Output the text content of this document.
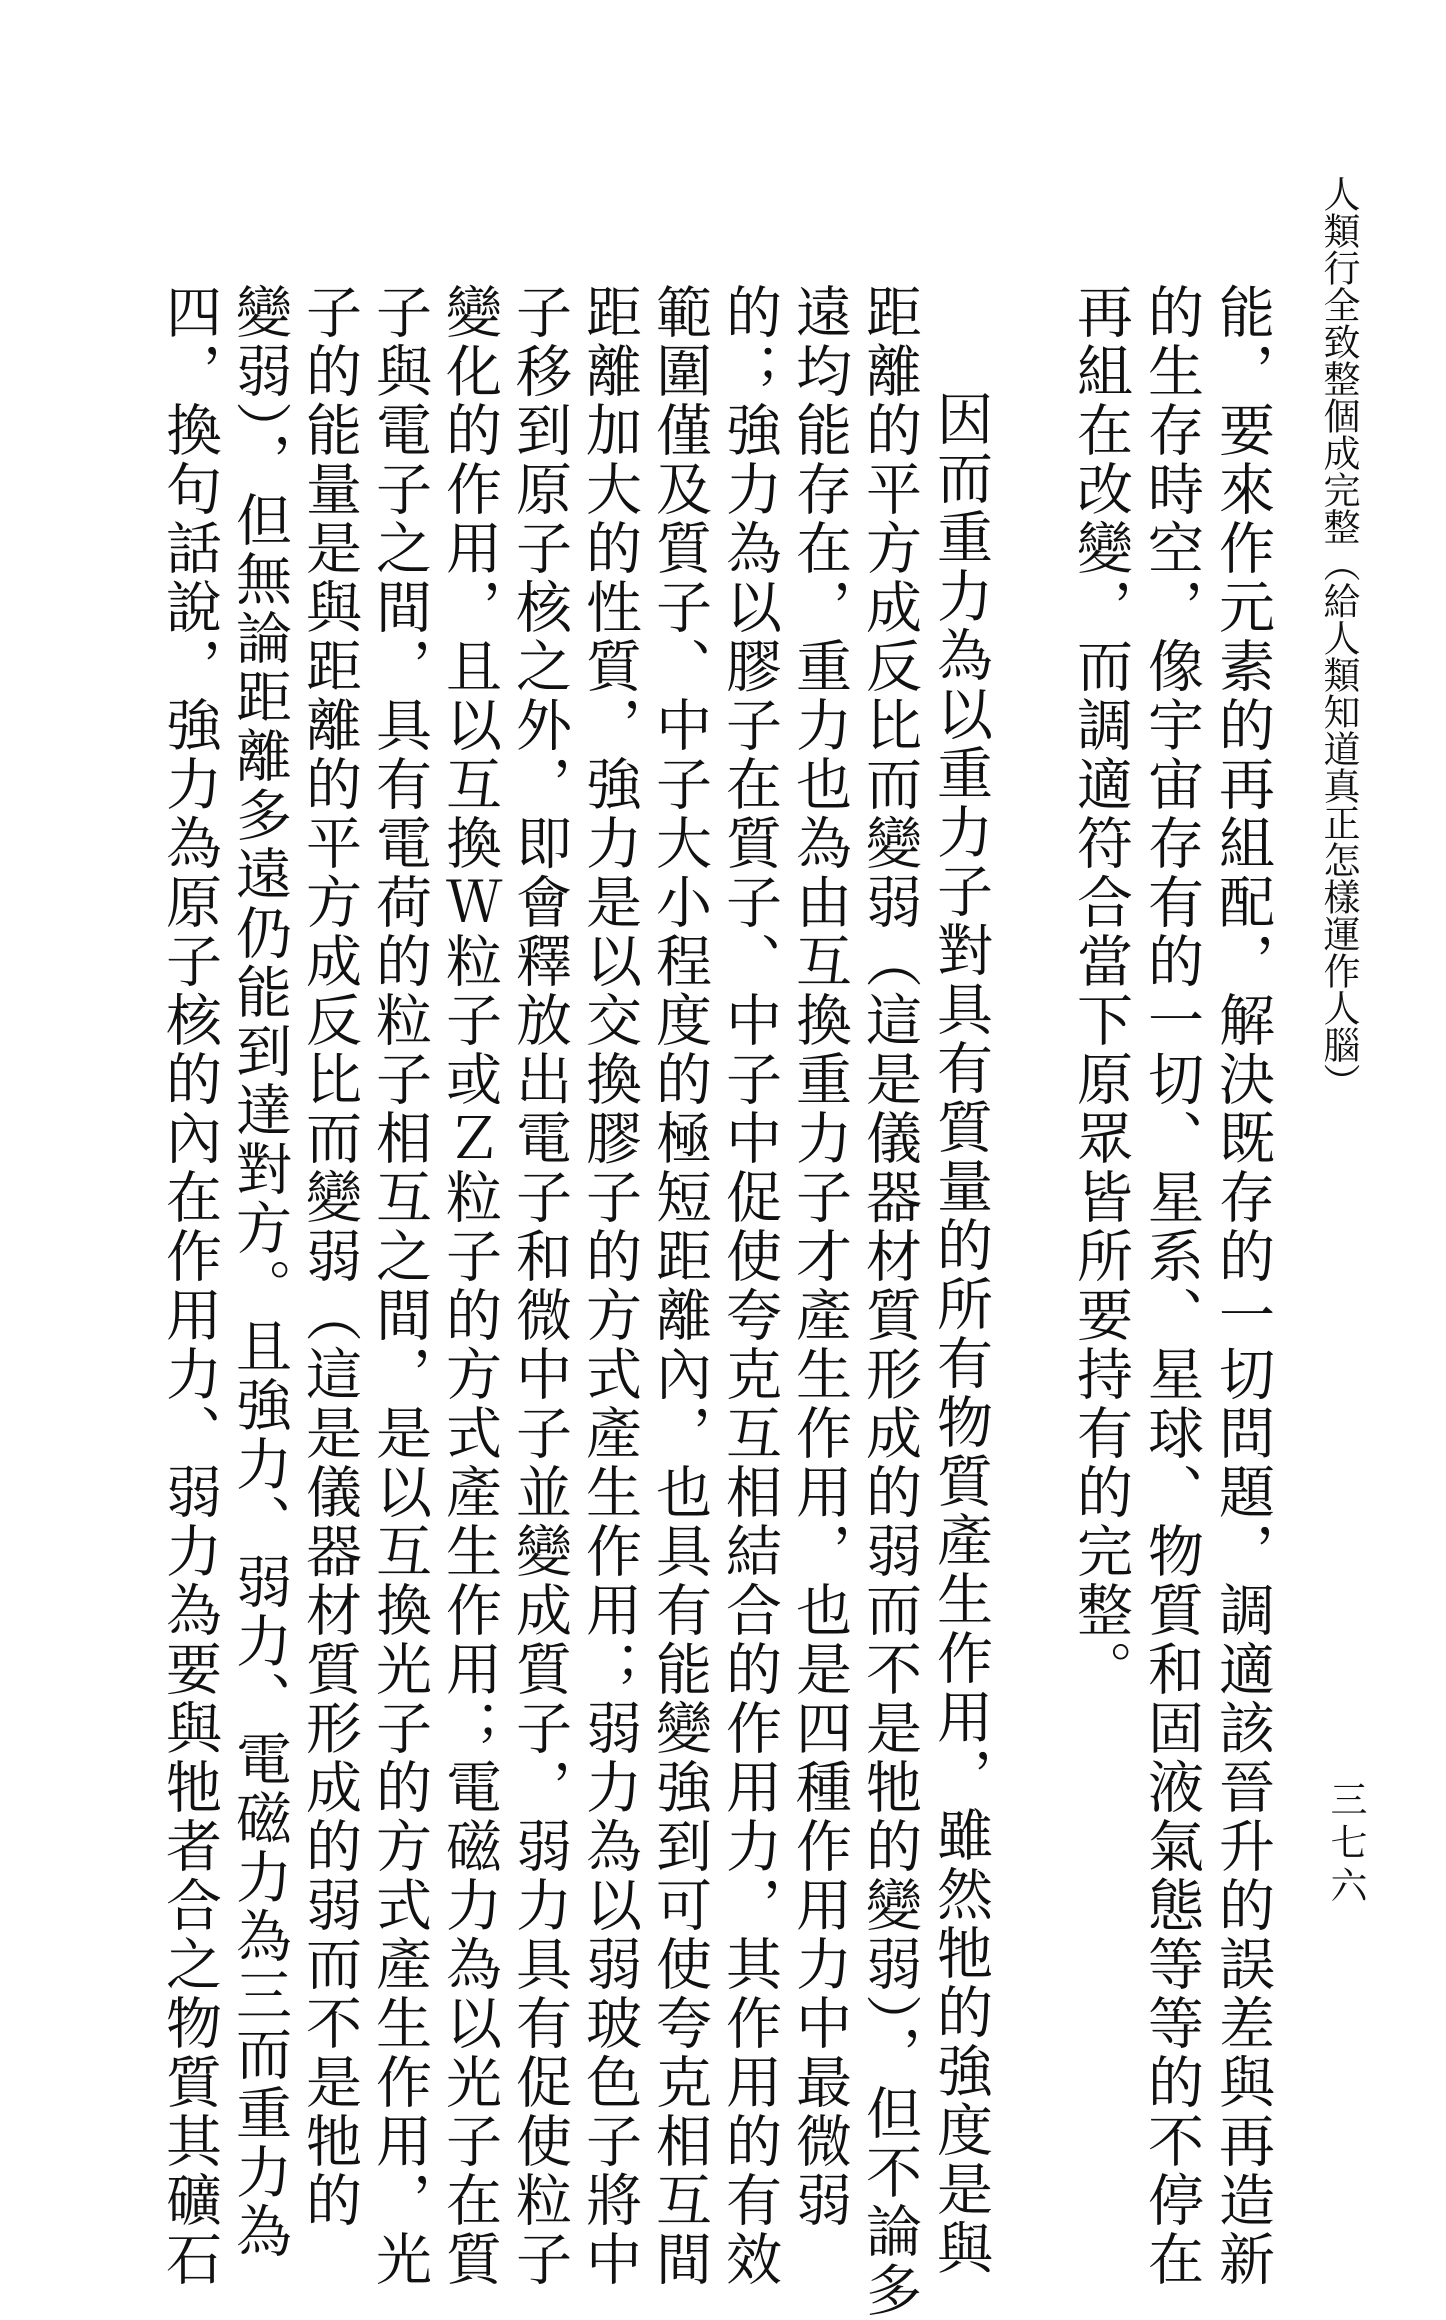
人類行全致整個成完整（給人類知道真正怎樣運作人腦）
三七六
能，要來作元素的再組配，解決既存的一切問題，調適該晉升的誤差與再造新
的生存時空，像宇宙存有的一切、星系、星球、物質和固液氣態等等的不停在
再組在改變，而調適符合當下原眾皆所要持有的完整。
因而重力為以重力子對具有質量的所有物質產生作用，雖然牠的強度是與
距離的平方成反比而變弱（這是儀器材質形成的弱而不是牠的變弱），但不論多
遠均能存在，重力也為由互換重力子才產生作用，也是四種作用力中最微弱
的；強力為以膠子在質子、中子中促使夸克互相結合的作用力，其作用的有效
範圍僅及質子、中子大小程度的極短距離內，也具有能變強到可使夸克相互間
距離加大的性質，強力是以交換膠子的方式產生作用；弱力為以弱玻色子將中
子移到原子核之外，即會釋放出電子和微中子並變成質子，弱力具有促使粒子
變化的作用，且以互換Ｗ粒子或Ｚ粒子的方式產生作用；電磁力為以光子在質
子與電子之間，具有電荷的粒子相互之間，是以互換光子的方式產生作用，光
子的能量是與距離的平方成反比而變弱（這是儀器材質形成的弱而不是牠的
變弱），但無論距離多遠仍能到達對方。且強力、弱力、電磁力為三而重力為
四，換句話說，強力為原子核的內在作用力、弱力為要與牠者合之物質其礦石
